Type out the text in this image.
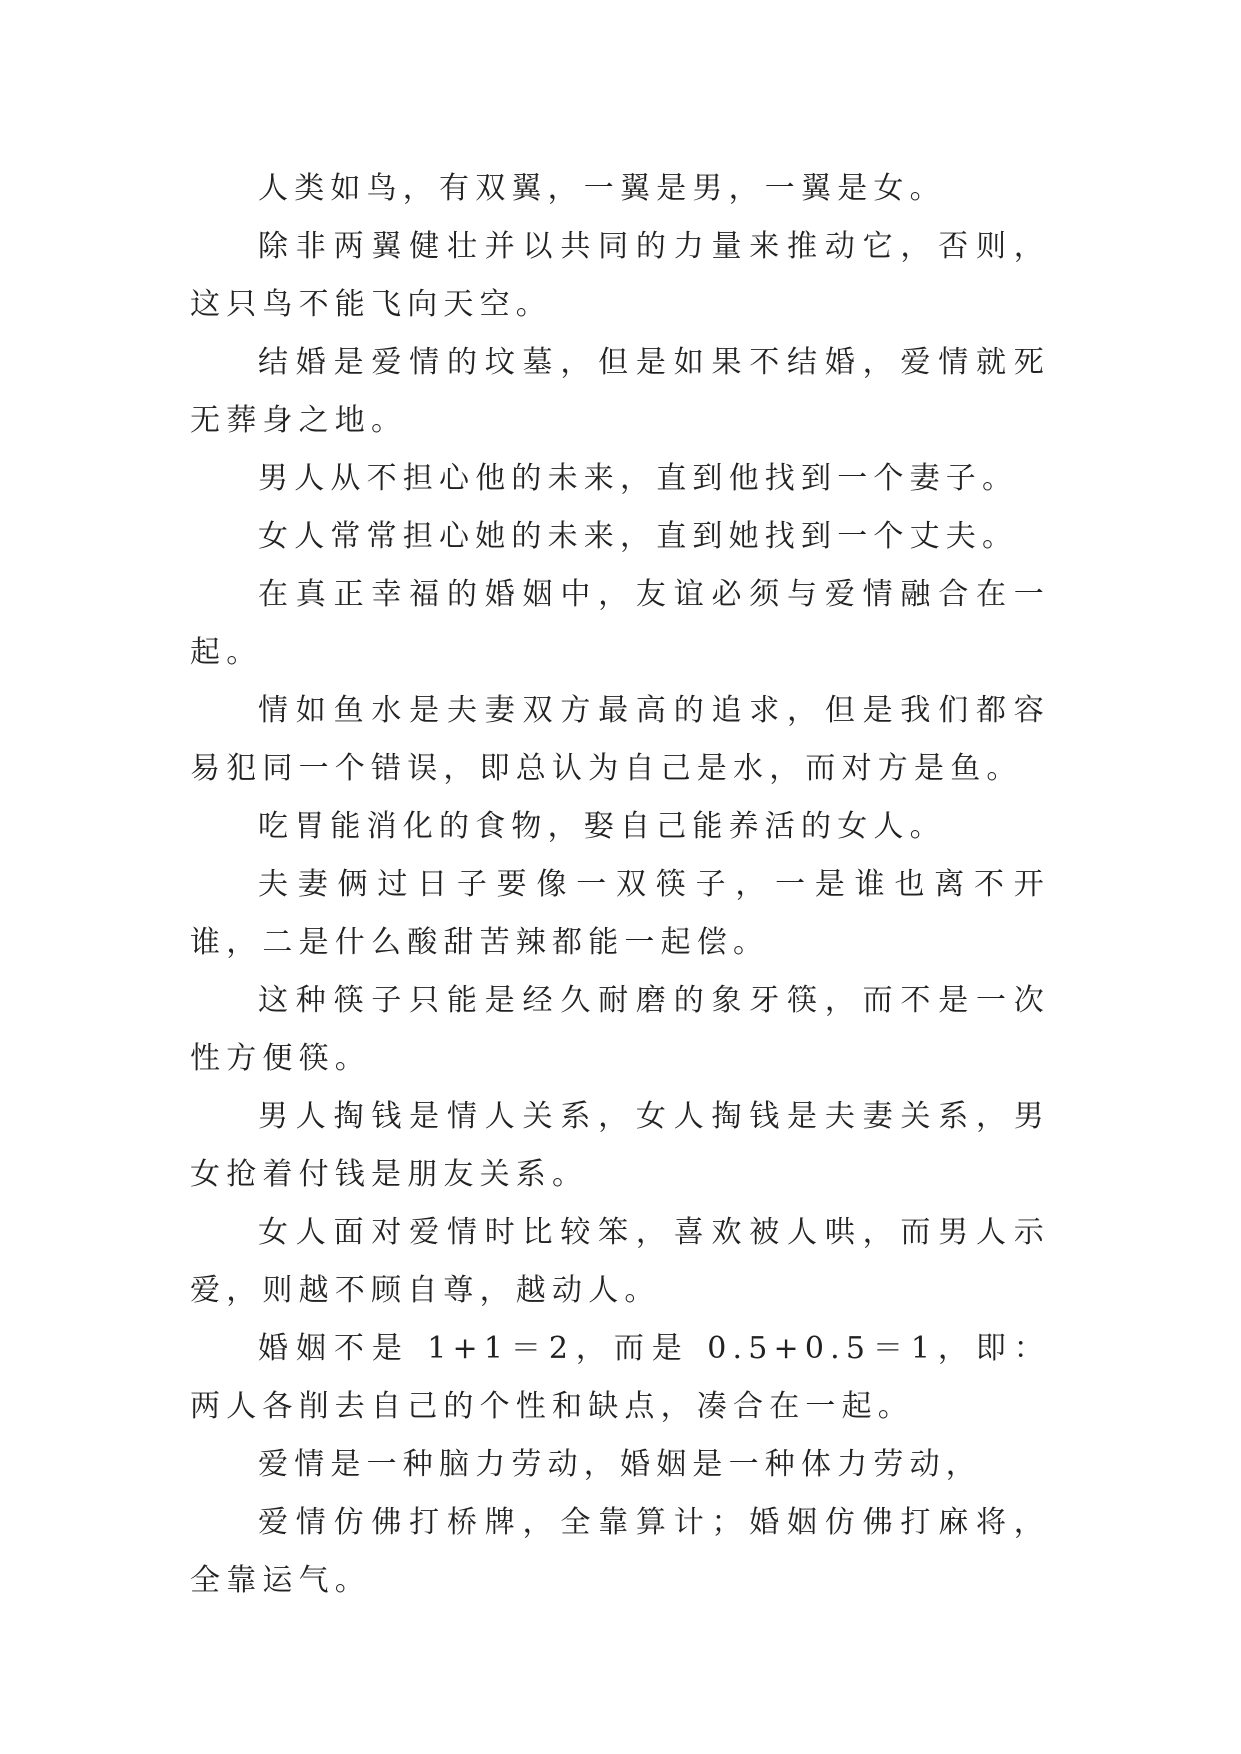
人类如鸟，有双翼，一翼是男，一翼是女。

除非两翼健壮并以共同的力量来推动它，否则，这只鸟不能飞向天空。

结婚是爱情的坟墓，但是如果不结婚，爱情就死无葬身之地。

男人从不担心他的未来，直到他找到一个妻子。

女人常常担心她的未来，直到她找到一个丈夫。

在真正幸福的婚姻中，友谊必须与爱情融合在一起。

情如鱼水是夫妻双方最高的追求，但是我们都容易犯同一个错误，即总认为自己是水，而对方是鱼。

吃胃能消化的食物，娶自己能养活的女人。

夫妻俩过日子要像一双筷子，一是谁也离不开谁，二是什么酸甜苦辣都能一起偿。

这种筷子只能是经久耐磨的象牙筷，而不是一次性方便筷。

男人掏钱是情人关系，女人掏钱是夫妻关系，男女抢着付钱是朋友关系。

女人面对爱情时比较笨，喜欢被人哄，而男人示爱，则越不顾自尊，越动人。

婚姻不是 1+1＝2，而是 0.5+0.5＝1，即：两人各削去自己的个性和缺点，凑合在一起。

爱情是一种脑力劳动，婚姻是一种体力劳动，

爱情仿佛打桥牌，全靠算计；婚姻仿佛打麻将，全靠运气。
